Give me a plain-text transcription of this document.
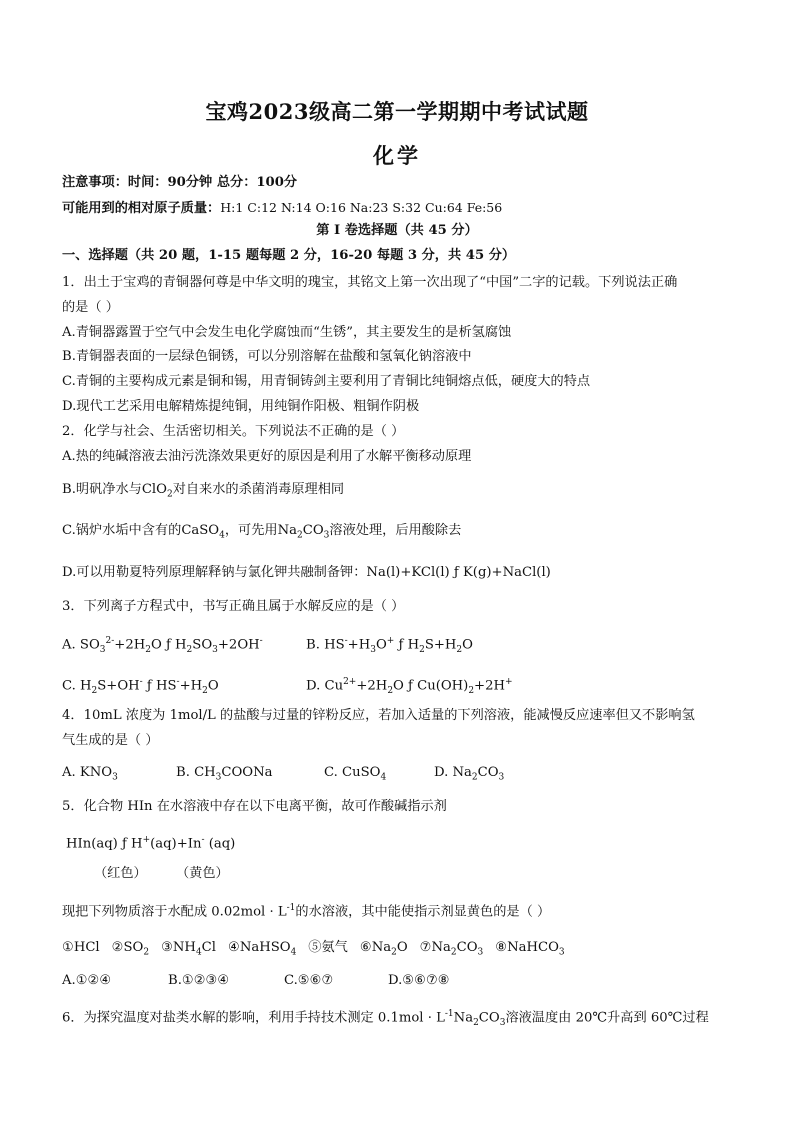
宝鸡2023级高二第一学期期中考试试题
化学
注意事项：时间：90分钟 总分：100分
可能用到的相对原子质量：H:1 C:12 N:14 O:16 Na:23 S:32 Cu:64 Fe:56
第 I 卷选择题（共 45 分）
一、选择题（共 20 题，1-15 题每题 2 分，16-20 每题 3 分，共 45 分）
1．出土于宝鸡的青铜器何尊是中华文明的瑰宝，其铭文上第一次出现了“中国”二字的记载。下列说法正确
的是（ ）
A.青铜器露置于空气中会发生电化学腐蚀而“生锈”，其主要发生的是析氢腐蚀
B.青铜器表面的一层绿色铜锈，可以分别溶解在盐酸和氢氧化钠溶液中
C.青铜的主要构成元素是铜和锡，用青铜铸剑主要利用了青铜比纯铜熔点低，硬度大的特点
D.现代工艺采用电解精炼提纯铜，用纯铜作阳极、粗铜作阴极
2．化学与社会、生活密切相关。下列说法不正确的是（ ）
A.热的纯碱溶液去油污洗涤效果更好的原因是利用了水解平衡移动原理
B.明矾净水与ClO$_2$对自来水的杀菌消毒原理相同
C.锅炉水垢中含有的CaSO$_4$，可先用$Na_2CO_3$溶液处理，后用酸除去
D.可以用勒夏特列原理解释钠与氯化钾共融制备钾：Na(l)+KCl(l) ƒ K(g)+NaCl(l)
3．下列离子方程式中，书写正确且属于水解反应的是（ ）
A. $SO_3^{2-}+2H_2O$ ƒ $H_2SO_3+2OH^-$	B. $HS^-+H_3O^+$ ƒ $H_2S+H_2O$
C. $H_2S+OH^-$ ƒ $HS^-+H_2O$	D. $Cu^{2+}+2H_2O$ ƒ $Cu(OH)_2+2H^+$
4．10mL 浓度为 1mol/L 的盐酸与过量的锌粉反应，若加入适量的下列溶液，能减慢反应速率但又不影响氢
气生成的是（ ）
A. $KNO_3$	B. $CH_3COONa$	C. CuSO$_4$	D. $Na_2CO_3$
5．化合物 HIn 在水溶液中存在以下电离平衡，故可作酸碱指示剂
HIn(aq) ƒ H+(aq)+In- (aq)
（红色） （黄色）
现把下列物质溶于水配成 $0.02mol \cdot L^{-1}$的水溶液，其中能使指示剂显黄色的是（ ）
①HCl $②SO_2$ $③NH_4Cl$ ④NaHSO$_4$ ⑤氨气 $⑥Na_2O$ $⑦Na_2CO_3$ ⑧NaHCO$_3$
A.①②④	B.①②③④	C.⑤⑥⑦	D.⑤⑥⑦⑧
6．为探究温度对盐类水解的影响，利用手持技术测定 $0.1mol \cdot L^{-1}Na_2CO_3$溶液温度由 20℃升高到 60℃过程
